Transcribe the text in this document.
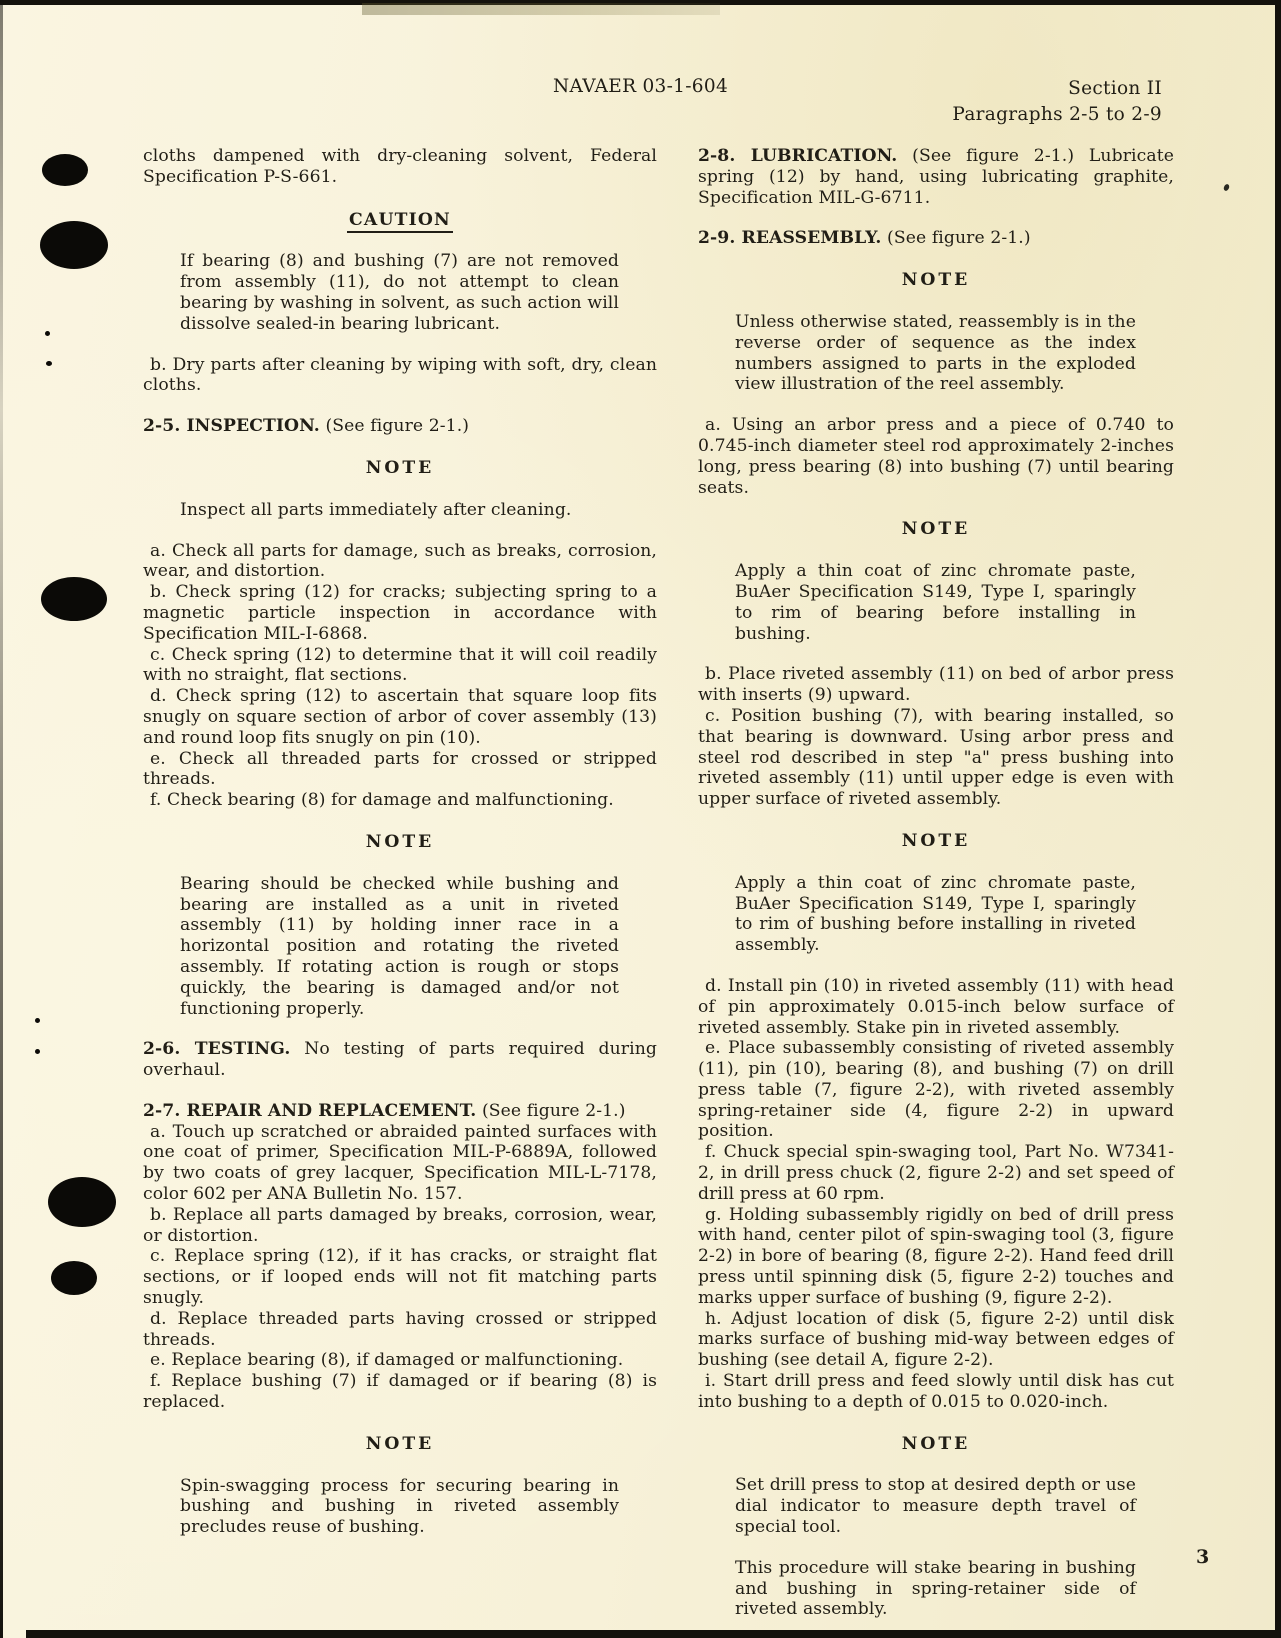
NAVAER 03-1-604	Section II
Paragraphs 2-5 to 2-9

cloths dampened with dry-cleaning solvent, Federal Specification P-S-661.

CAUTION

If bearing (8) and bushing (7) are not removed from assembly (11), do not attempt to clean bearing by washing in solvent, as such action will dissolve sealed-in bearing lubricant.

b. Dry parts after cleaning by wiping with soft, dry, clean cloths.

2-5. INSPECTION. (See figure 2-1.)

NOTE

Inspect all parts immediately after cleaning.

a. Check all parts for damage, such as breaks, corrosion, wear, and distortion.

b. Check spring (12) for cracks; subjecting spring to a magnetic particle inspection in accordance with Specification MIL-I-6868.

c. Check spring (12) to determine that it will coil readily with no straight, flat sections.

d. Check spring (12) to ascertain that square loop fits snugly on square section of arbor of cover assembly (13) and round loop fits snugly on pin (10).

e. Check all threaded parts for crossed or stripped threads.

f. Check bearing (8) for damage and malfunctioning.

NOTE

Bearing should be checked while bushing and bearing are installed as a unit in riveted assembly (11) by holding inner race in a horizontal position and rotating the riveted assembly. If rotating action is rough or stops quickly, the bearing is damaged and/or not functioning properly.

2-6. TESTING. No testing of parts required during overhaul.

2-7. REPAIR AND REPLACEMENT. (See figure 2-1.)

a. Touch up scratched or abraided painted surfaces with one coat of primer, Specification MIL-P-6889A, followed by two coats of grey lacquer, Specification MIL-L-7178, color 602 per ANA Bulletin No. 157.

b. Replace all parts damaged by breaks, corrosion, wear, or distortion.

c. Replace spring (12), if it has cracks, or straight flat sections, or if looped ends will not fit matching parts snugly.

d. Replace threaded parts having crossed or stripped threads.

e. Replace bearing (8), if damaged or malfunctioning.

f. Replace bushing (7) if damaged or if bearing (8) is replaced.

NOTE

Spin-swagging process for securing bearing in bushing and bushing in riveted assembly precludes reuse of bushing.

2-8. LUBRICATION. (See figure 2-1.) Lubricate spring (12) by hand, using lubricating graphite, Specification MIL-G-6711.

2-9. REASSEMBLY. (See figure 2-1.)

NOTE

Unless otherwise stated, reassembly is in the reverse order of sequence as the index numbers assigned to parts in the exploded view illustration of the reel assembly.

a. Using an arbor press and a piece of 0.740 to 0.745-inch diameter steel rod approximately 2-inches long, press bearing (8) into bushing (7) until bearing seats.

NOTE

Apply a thin coat of zinc chromate paste, BuAer Specification S149, Type I, sparingly to rim of bearing before installing in bushing.

b. Place riveted assembly (11) on bed of arbor press with inserts (9) upward.

c. Position bushing (7), with bearing installed, so that bearing is downward. Using arbor press and steel rod described in step "a" press bushing into riveted assembly (11) until upper edge is even with upper surface of riveted assembly.

NOTE

Apply a thin coat of zinc chromate paste, BuAer Specification S149, Type I, sparingly to rim of bushing before installing in riveted assembly.

d. Install pin (10) in riveted assembly (11) with head of pin approximately 0.015-inch below surface of riveted assembly. Stake pin in riveted assembly.

e. Place subassembly consisting of riveted assembly (11), pin (10), bearing (8), and bushing (7) on drill press table (7, figure 2-2), with riveted assembly spring-retainer side (4, figure 2-2) in upward position.

f. Chuck special spin-swaging tool, Part No. W7341-2, in drill press chuck (2, figure 2-2) and set speed of drill press at 60 rpm.

g. Holding subassembly rigidly on bed of drill press with hand, center pilot of spin-swaging tool (3, figure 2-2) in bore of bearing (8, figure 2-2). Hand feed drill press until spinning disk (5, figure 2-2) touches and marks upper surface of bushing (9, figure 2-2).

h. Adjust location of disk (5, figure 2-2) until disk marks surface of bushing mid-way between edges of bushing (see detail A, figure 2-2).

i. Start drill press and feed slowly until disk has cut into bushing to a depth of 0.015 to 0.020-inch.

NOTE

Set drill press to stop at desired depth or use dial indicator to measure depth travel of special tool.

This procedure will stake bearing in bushing and bushing in spring-retainer side of riveted assembly.

3
